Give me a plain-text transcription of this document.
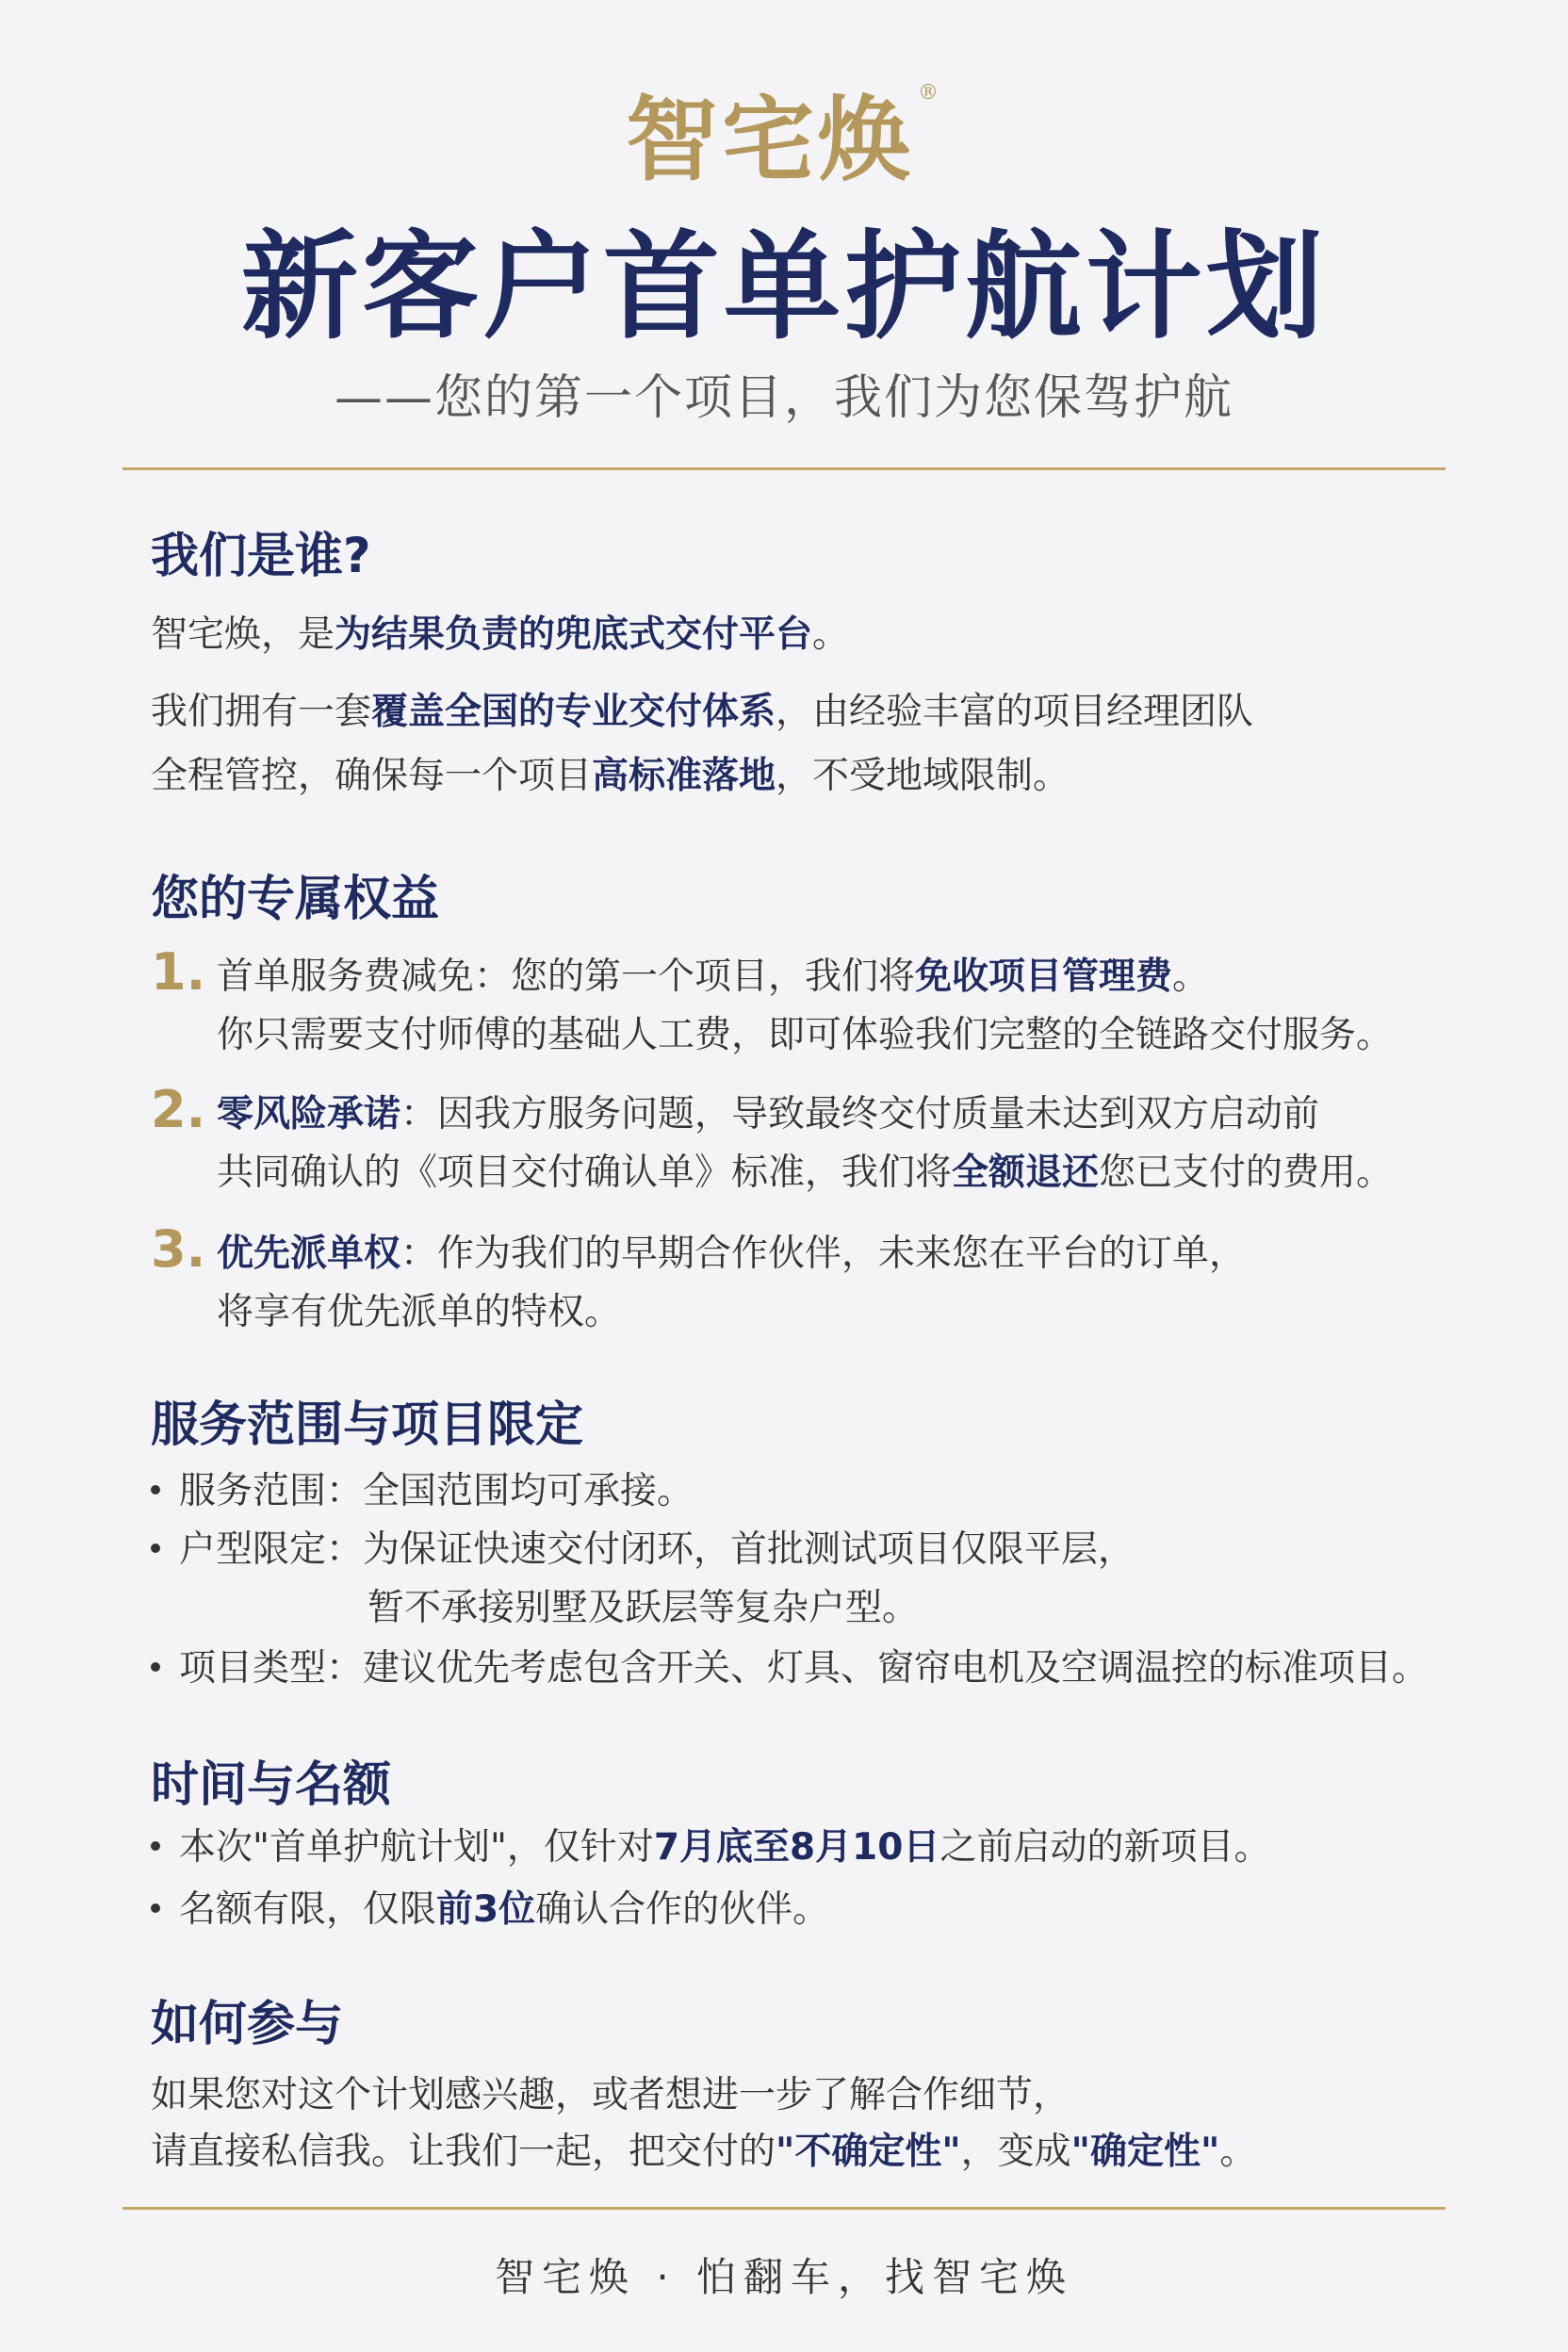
智宅焕 ®
新客户首单护航计划
——您的第一个项目，我们为您保驾护航
我们是谁?
智宅焕，是为结果负责的兜底式交付平台。
我们拥有一套覆盖全国的专业交付体系，由经验丰富的项目经理团队
全程管控，确保每一个项目高标准落地，不受地域限制。
您的专属权益
1. 首单服务费减免：您的第一个项目，我们将免收项目管理费。
你只需要支付师傅的基础人工费，即可体验我们完整的全链路交付服务。
2. 零风险承诺：因我方服务问题，导致最终交付质量未达到双方启动前
共同确认的《项目交付确认单》标准，我们将全额退还您已支付的费用。
3. 优先派单权：作为我们的早期合作伙伴，未来您在平台的订单，
将享有优先派单的特权。
服务范围与项目限定
服务范围：全国范围均可承接。
户型限定：为保证快速交付闭环，首批测试项目仅限平层，
暂不承接别墅及跃层等复杂户型。
项目类型：建议优先考虑包含开关、灯具、窗帘电机及空调温控的标准项目。
时间与名额
本次"首单护航计划"，仅针对7月底至8月10日之前启动的新项目。
名额有限，仅限前3位确认合作的伙伴。
如何参与
如果您对这个计划感兴趣，或者想进一步了解合作细节，
请直接私信我。让我们一起，把交付的"不确定性"，变成"确定性"。
智宅焕 · 怕翻车，找智宅焕
